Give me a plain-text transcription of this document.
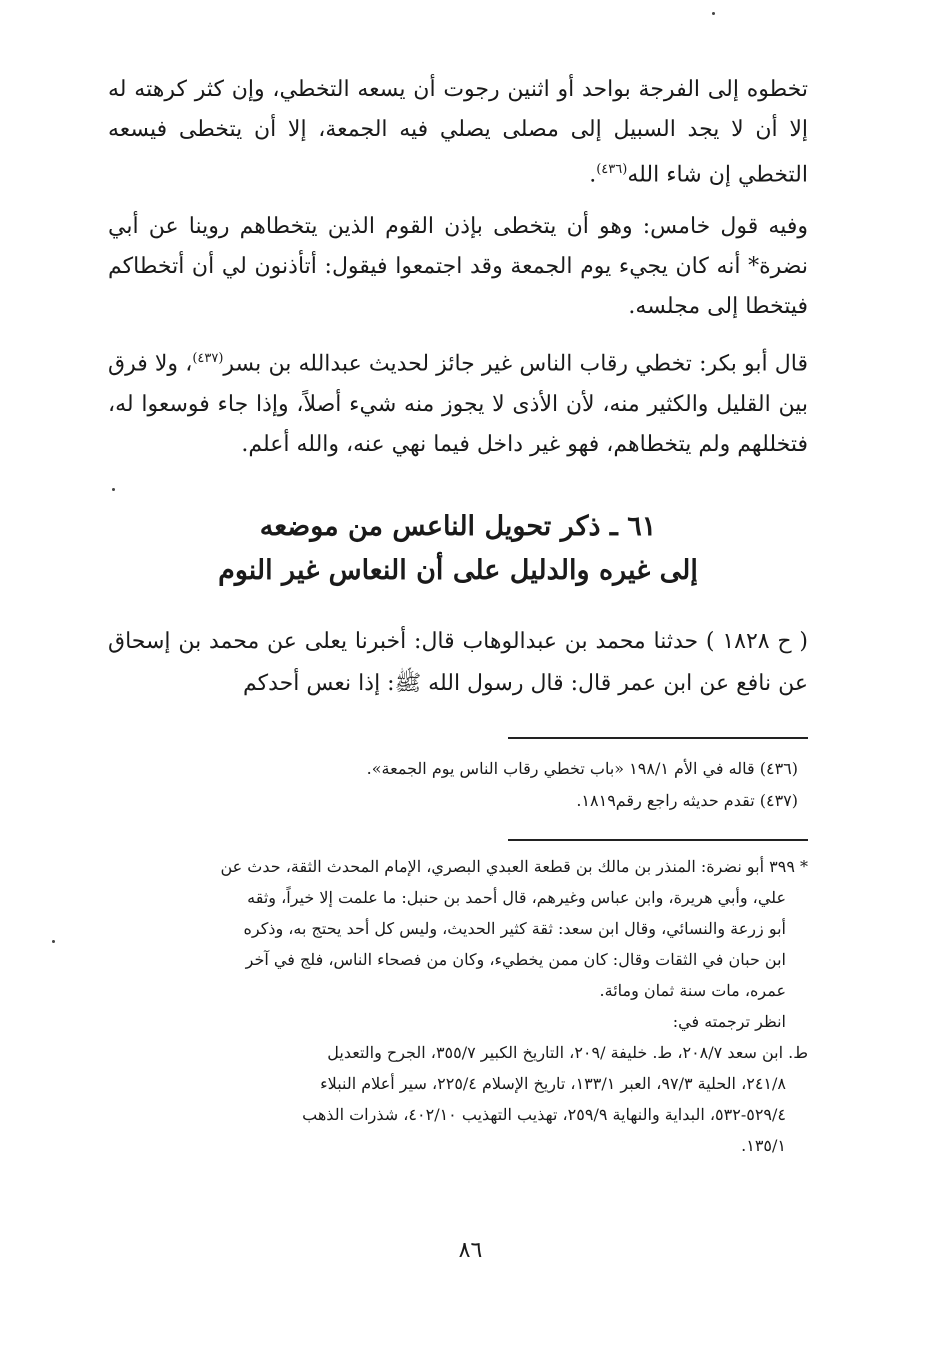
تخطوه إلى الفرجة بواحد أو اثنين رجوت أن يسعه التخطي، وإن كثر كرهته له إلا أن لا يجد السبيل إلى مصلى يصلي فيه الجمعة، إلا أن يتخطى فيسعه التخطي إن شاء الله$^{(٤٣٦)}$.

وفيه قول خامس: وهو أن يتخطى بإذن القوم الذين يتخطاهم روينا عن أبي نضرة* أنه كان يجيء يوم الجمعة وقد اجتمعوا فيقول: أتأذنون لي أن أتخطاكم فيتخطا إلى مجلسه.

قال أبو بكر: تخطي رقاب الناس غير جائز لحديث عبدالله بن بسر$^{(٤٣٧)}$، ولا فرق بين القليل والكثير منه، لأن الأذى لا يجوز منه شيء أصلاً، وإذا جاء فوسعوا له، فتخللهم ولم يتخطاهم، فهو غير داخل فيما نهي عنه، والله أعلم.

٦١ ـ ذكر تحويل الناعس من موضعه
إلى غيره والدليل على أن النعاس غير النوم

( ح ١٨٢٨ ) حدثنا محمد بن عبدالوهاب قال: أخبرنا يعلى عن محمد بن إسحاق عن نافع عن ابن عمر قال: قال رسول الله ﷺ: إذا نعس أحدكم

(٤٣٦) قاله في الأم ١٩٨/١ «باب تخطي رقاب الناس يوم الجمعة».

(٤٣٧) تقدم حديثه راجع رقم١٨١٩.

* ٣٩٩ أبو نضرة: المنذر بن مالك بن قطعة العبدي البصري، الإمام المحدث الثقة، حدث عن
علي، وأبي هريرة، وابن عباس وغيرهم، قال أحمد بن حنبل: ما علمت إلا خيراً، وثقه
أبو زرعة والنسائي، وقال ابن سعد: ثقة كثير الحديث، وليس كل أحد يحتج به، وذكره
ابن حبان في الثقات وقال: كان ممن يخطيء، وكان من فصحاء الناس، فلج في آخر
عمره، مات سنة ثمان ومائة.
انظر ترجمته في:
ط. ابن سعد ٢٠٨/٧، ط. خليفة /٢٠٩، التاريخ الكبير ٣٥٥/٧، الجرح والتعديل
٢٤١/٨، الحلية ٩٧/٣، العبر ١٣٣/١، تاريخ الإسلام ٢٢٥/٤، سير أعلام النبلاء
٥٢٩/٤-٥٣٢، البداية والنهاية ٢٥٩/٩، تهذيب التهذيب ٤٠٢/١٠، شذرات الذهب
١٣٥/١.
٨٦
